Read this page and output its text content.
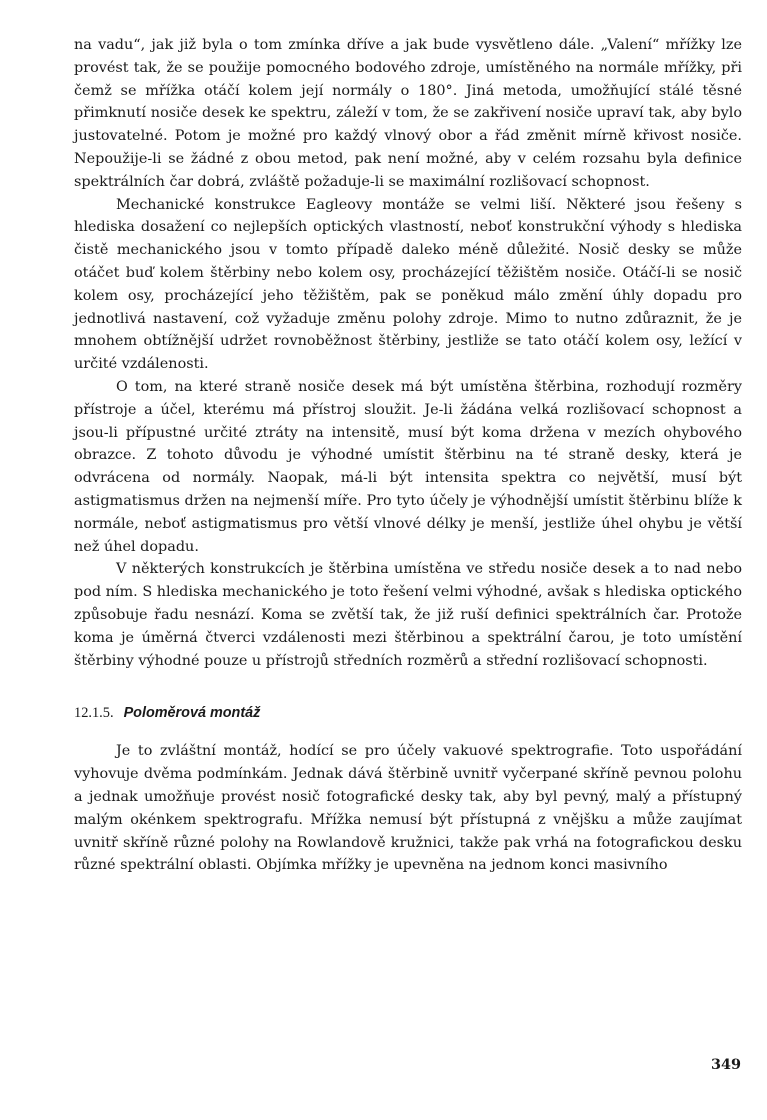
na vadu“, jak již byla o tom zmínka dříve a jak bude vysvětleno dále. „Valení“ mřížky lze provést tak, že se použije pomocného bodového zdroje, umístěného na normále mřížky, při čemž se mřížka otáčí kolem její normály o 180°. Jiná metoda, umožňující stálé těsné přimknutí nosiče desek ke spektru, záleží v tom, že se zakřivení nosiče upraví tak, aby bylo justovatelné. Potom je možné pro každý vlnový obor a řád změnit mírně křivost nosiče. Nepoužije-li se žádné z obou metod, pak není možné, aby v celém rozsahu byla definice spektrálních čar dobrá, zvláště požaduje-li se maximální rozlišovací schopnost.

Mechanické konstrukce Eagleovy montáže se velmi liší. Některé jsou řešeny s hlediska dosažení co nejlepších optických vlastností, neboť konstrukční výhody s hlediska čistě mechanického jsou v tomto případě daleko méně důležité. Nosič desky se může otáčet buď kolem štěrbiny nebo kolem osy, procházející těžištěm nosiče. Otáčí-li se nosič kolem osy, procházející jeho těžištěm, pak se poněkud málo změní úhly dopadu pro jednotlivá nastavení, což vyžaduje změnu polohy zdroje. Mimo to nutno zdůraznit, že je mnohem obtížnější udržet rovnoběžnost štěrbiny, jestliže se tato otáčí kolem osy, ležící v určité vzdálenosti.

O tom, na které straně nosiče desek má být umístěna štěrbina, rozhodují rozměry přístroje a účel, kterému má přístroj sloužit. Je-li žádána velká rozlišovací schopnost a jsou-li přípustné určité ztráty na intensitě, musí být koma držena v mezích ohybového obrazce. Z tohoto důvodu je výhodné umístit štěrbinu na té straně desky, která je odvrácena od normály. Naopak, má-li být intensita spektra co největší, musí být astigmatismus držen na nejmenší míře. Pro tyto účely je výhodnější umístit štěrbinu blíže k normále, neboť astigmatismus pro větší vlnové délky je menší, jestliže úhel ohybu je větší než úhel dopadu.

V některých konstrukcích je štěrbina umístěna ve středu nosiče desek a to nad nebo pod ním. S hlediska mechanického je toto řešení velmi výhodné, avšak s hlediska optického způsobuje řadu nesnází. Koma se zvětší tak, že již ruší definici spektrálních čar. Protože koma je úměrná čtverci vzdálenosti mezi štěrbinou a spektrální čarou, je toto umístění štěrbiny výhodné pouze u přístrojů středních rozměrů a střední rozlišovací schopnosti.

12.1.5. Poloměrová montáž

Je to zvláštní montáž, hodící se pro účely vakuové spektrografie. Toto uspořádání vyhovuje dvěma podmínkám. Jednak dává štěrbině uvnitř vyčerpané skříně pevnou polohu a jednak umožňuje provést nosič fotografické desky tak, aby byl pevný, malý a přístupný malým okénkem spektrografu. Mřížka nemusí být přístupná z vnějšku a může zaujímat uvnitř skříně různé polohy na Rowlandově kružnici, takže pak vrhá na fotografickou desku různé spektrální oblasti. Objímka mřížky je upevněna na jednom konci masivního

349
